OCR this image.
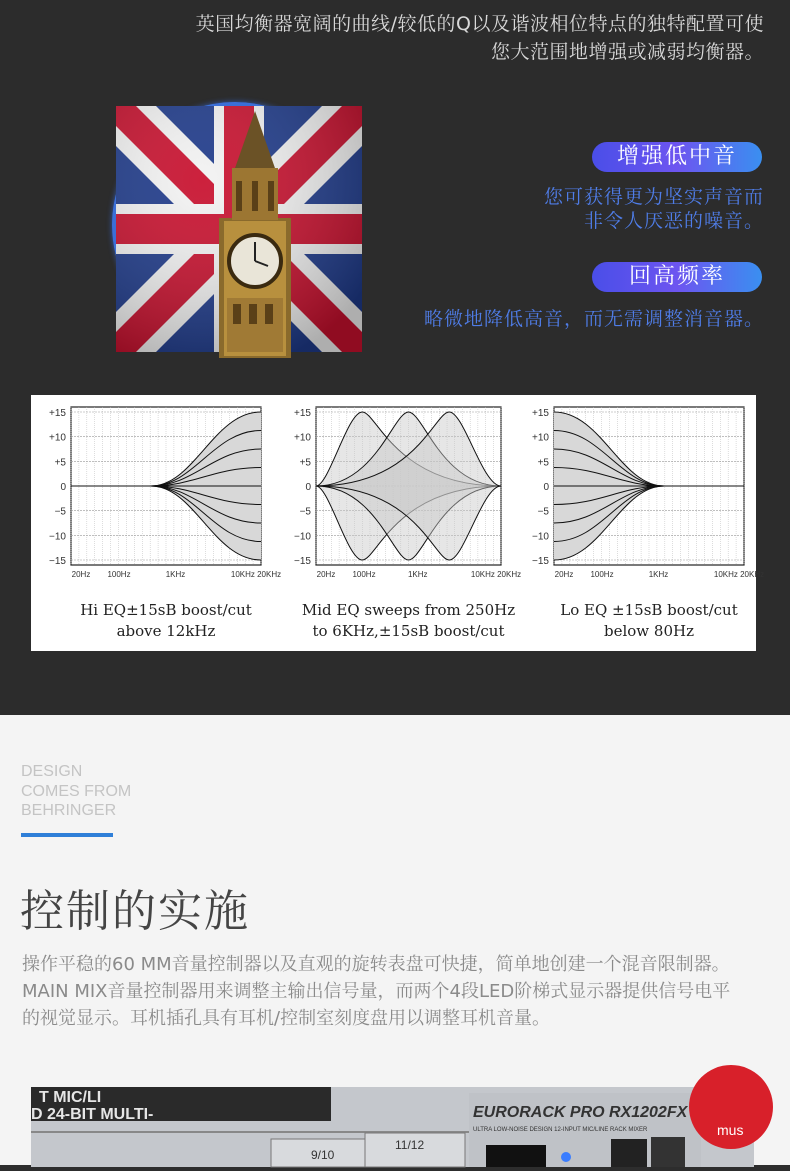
英国均衡器宽阔的曲线/较低的Q以及谐波相位特点的独特配置可使
您大范围地增强或减弱均衡器。
增强低中音
您可获得更为坚实声音而
非令人厌恶的噪音。
回高频率
略微地降低高音，而无需调整消音器。
+15
+10
+5
0
−5
−10
−15
20Hz 100Hz	1KHz	10KHz 20KHz
Hi EQ±15sB boost/cut
above 12kHz
+15
+10
+5
0
−5
−10
−15
20Hz 100Hz	1KHz	10KHz 20KHz
Mid EQ sweeps from 250Hz
to 6KHz,±15sB boost/cut
+15
+10
+5
0
−5
−10
−15
20Hz 100Hz	1KHz	10KHz 20KHz
Lo EQ ±15sB boost/cut
below 80Hz
DESIGN
COMES FROM
BEHRINGER
控制的实施
操作平稳的60 MM音量控制器以及直观的旋转表盘可快捷，简单地创建一个混音限制器。MAIN MIX音量控制器用来调整主输出信号量，而两个4段LED阶梯式显示器提供信号电平的视觉显示。耳机插孔具有耳机/控制室刻度盘用以调整耳机音量。
T MIC/LI
D 24-BIT MULTI-
9/10
11/12
EURORACK PRO RX1202FX
ULTRA LOW-NOISE DESIGN 12-INPUT MIC/LINE RACK MIXER	mus
